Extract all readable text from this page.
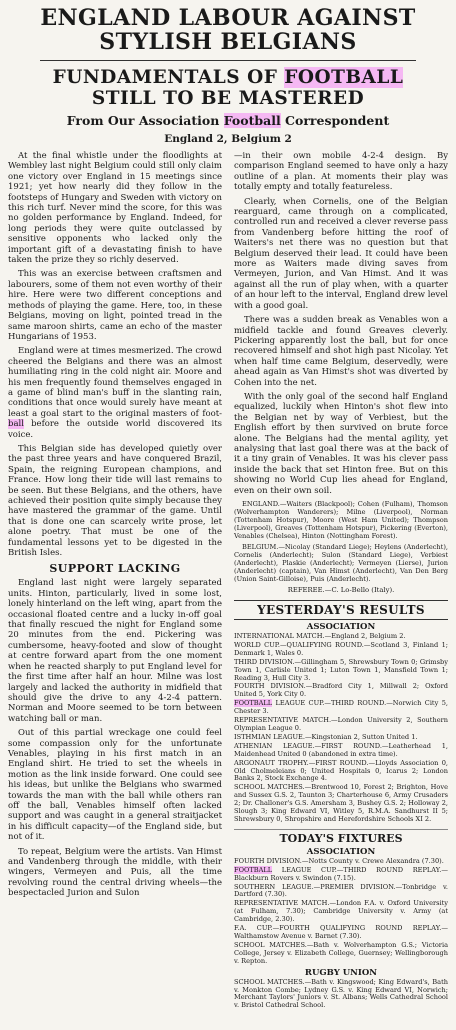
ENGLAND LABOUR AGAINST
STYLISH BELGIANS
FUNDAMENTALS OF FOOTBALL
STILL TO BE MASTERED
From Our Association Football Correspondent
England 2, Belgium 2

At the final whistle under the floodlights at Wembley last night Belgium could still only claim one victory over England in 15 meetings since 1921; yet how nearly did they follow in the footsteps of Hungary and Sweden with victory on this rich turf. Never mind the score, for this was no golden performance by England. Indeed, for long periods they were quite outclassed by sensitive opponents who lacked only the important gift of a devastating finish to have taken the prize they so richly deserved.

This was an exercise between craftsmen and labourers, some of them not even worthy of their hire. Here were two different conceptions and methods of playing the game. Here, too, in these Belgians, moving on light, pointed tread in the same maroon shirts, came an echo of the master Hungarians of 1953.

England were at times mesmerized. The crowd cheered the Belgians and there was an almost humiliating ring in the cold night air. Moore and his men frequently found themselves engaged in a game of blind man's buff in the slanting rain, conditions that once would surely have meant at least a goal start to the original masters of foot-ball before the outside world discovered its voice.

This Belgian side has developed quietly over the past three years and have conquered Brazil, Spain, the reigning European champions, and France. How long their tide will last remains to be seen. But these Belgians, and the others, have achieved their position quite simply because they have mastered the grammar of the game. Until that is done one can scarcely write prose, let alone poetry. That must be one of the fundamental lessons yet to be digested in the British Isles.

SUPPORT LACKING

England last night were largely separated units. Hinton, particularly, lived in some lost, lonely hinterland on the left wing, apart from the occasional floated centre and a lucky in-off goal that finally rescued the night for England some 20 minutes from the end. Pickering was cumbersome, heavy-footed and slow of thought at centre forward apart from the one moment when he reacted sharply to put England level for the first time after half an hour. Milne was lost largely and lacked the authority in midfield that should give the drive to any 4-2-4 pattern. Norman and Moore seemed to be torn between watching ball or man.

Out of this partial wreckage one could feel some compassion only for the unfortunate Venables, playing in his first match in an England shirt. He tried to set the wheels in motion as the link inside forward. One could see his ideas, but unlike the Belgians who swarmed towards the man with the ball while others ran off the ball, Venables himself often lacked support and was caught in a general straitjacket in his difficult capacity—of the England side, but not of it.

To repeat, Belgium were the artists. Van Himst and Vandenberg through the middle, with their wingers, Vermeyen and Puis, all the time revolving round the central driving wheels—the bespectacled Jurion and Sulon

—in their own mobile 4-2-4 design. By comparison England seemed to have only a hazy outline of a plan. At moments their play was totally empty and totally featureless.

Clearly, when Cornelis, one of the Belgian rearguard, came through on a complicated, controlled run and received a clever reverse pass from Vandenberg before hitting the roof of Waiters's net there was no question but that Belgium deserved their lead. It could have been more as Waiters made diving saves from Vermeyen, Jurion, and Van Himst. And it was against all the run of play when, with a quarter of an hour left to the interval, England drew level with a good goal.

There was a sudden break as Venables won a midfield tackle and found Greaves cleverly. Pickering apparently lost the ball, but for once recovered himself and shot high past Nicolay. Yet when half time came Belgium, deservedly, were ahead again as Van Himst's shot was diverted by Cohen into the net.

With the only goal of the second half England equalized, luckily when Hinton's shot flew into the Belgian net by way of Verbiest, but the English effort by then survived on brute force alone. The Belgians had the mental agility, yet analysing that last goal there was at the back of it a tiny grain of Venables. It was his clever pass inside the back that set Hinton free. But on this showing no World Cup lies ahead for England, even on their own soil.

ENGLAND.—Waiters (Blackpool); Cohen (Fulham), Thomson (Wolverhampton Wanderers); Milne (Liverpool), Norman (Tottenham Hotspur), Moore (West Ham United); Thompson (Liverpool), Greaves (Tottenham Hotspur), Pickering (Everton), Venables (Chelsea), Hinton (Nottingham Forest).

BELGIUM.—Nicolay (Standard Liege); Heylens (Anderlecht), Cornelis (Anderlecht); Sulon (Standard Liege), Verbiest (Anderlecht), Plaskie (Anderlecht); Vermeyen (Lierse), Jurion (Anderlecht) (captain), Van Himst (Anderlecht), Van Den Berg (Union Saint-Gilloise), Puis (Anderlecht).

REFEREE.—C. Lo-Bello (Italy).
YESTERDAY'S RESULTS
ASSOCIATION

INTERNATIONAL MATCH.—England 2, Belgium 2.

WORLD CUP.—QUALIFYING ROUND.—Scotland 3, Finland 1; Denmark 1, Wales 0.

THIRD DIVISION.—Gillingham 5, Shrewsbury Town 0; Grimsby Town 1, Carlisle United 1; Luton Town 1, Mansfield Town 1; Reading 3, Hull City 3.

FOURTH DIVISION.—Bradford City 1, Millwall 2; Oxford United 5, York City 0.

FOOTBALL LEAGUE CUP.—THIRD ROUND.—Norwich City 5, Chester 3.

REPRESENTATIVE MATCH.—London University 2, Southern Olympian League 0.

ISTHMIAN LEAGUE.—Kingstonian 2, Sutton United 1.

ATHENIAN LEAGUE.—FIRST ROUND.—Leatherhead 1, Maidenhead United 0 (abandoned in extra time).

ARGONAUT TROPHY.—FIRST ROUND.—Lloyds Association 0, Old Cholmeleians 0; United Hospitals 0, Icarus 2; London Banks 2, Stock Exchange 4.

SCHOOL MATCHES.—Brentwood 10, Forest 2; Brighton, Hove and Sussex G.S. 2, Taunton 3; Charterhouse 6, Army Crusaders 2; Dr. Challoner's G.S. Amersham 3, Bushey G.S. 2; Holloway 2, Slough 3; King Edward VI, Witley 5, R.M.A. Sandhurst II 5; Shrewsbury 0, Shropshire and Herefordshire Schools XI 2.

TODAY'S FIXTURES
ASSOCIATION

FOURTH DIVISION.—Notts County v. Crewe Alexandra (7.30).

FOOTBALL LEAGUE CUP.—THIRD ROUND REPLAY.—Blackburn Rovers v. Swindon (7.15).

SOUTHERN LEAGUE.—PREMIER DIVISION.—Tonbridge v. Dartford (7.30).

REPRESENTATIVE MATCH.—London F.A. v. Oxford University (at Fulham, 7.30); Cambridge University v. Army (at Cambridge, 2.30).

F.A. CUP.—FOURTH QUALIFYING ROUND REPLAY.—Walthamstow Avenue v. Barnet (7.30).

SCHOOL MATCHES.—Bath v. Wolverhampton G.S.; Victoria College, Jersey v. Elizabeth College, Guernsey; Wellingborough v. Repton.

RUGBY UNION

SCHOOL MATCHES.—Bath v. Kingswood; King Edward's, Bath v. Monkton Combe; Lydney G.S. v. King Edward VI, Norwich; Merchant Taylors' Juniors v. St. Albans; Wells Cathedral School v. Bristol Cathedral School.
